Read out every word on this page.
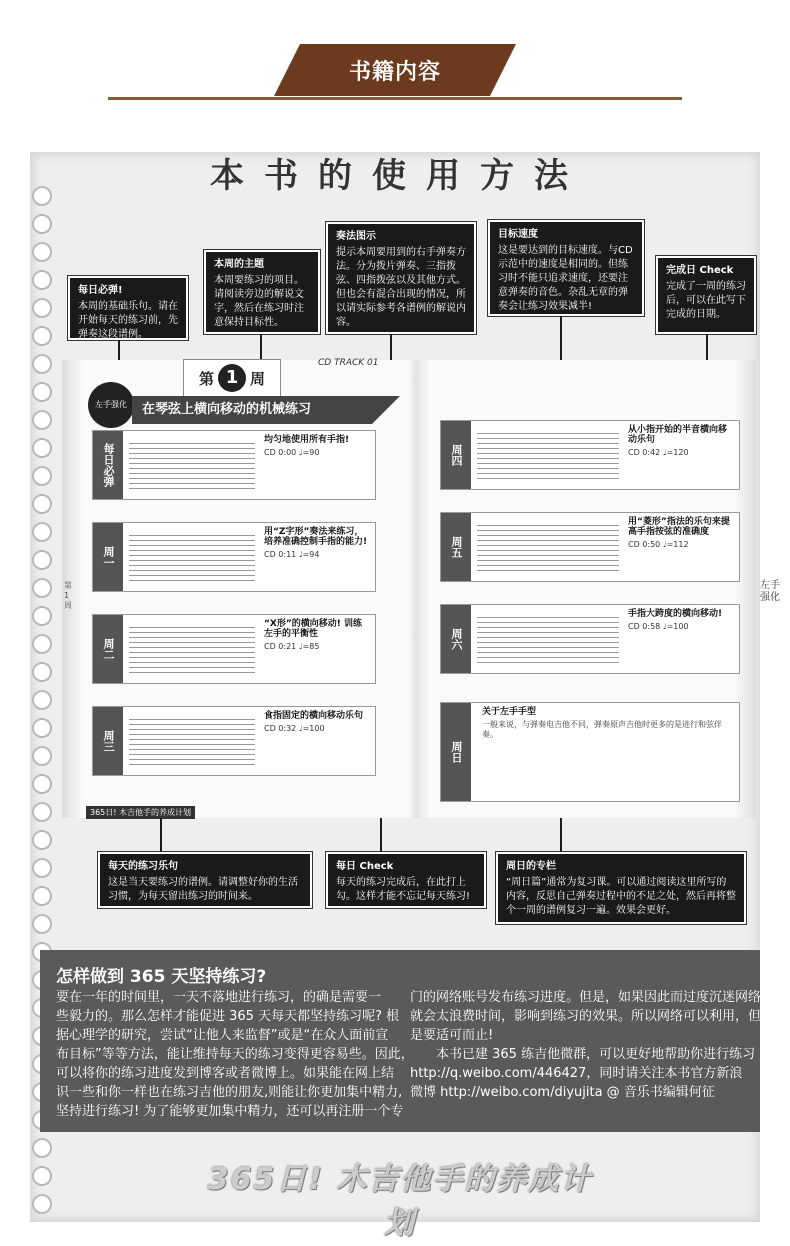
书籍内容
本书的使用方法
每日必弹!
本周的基础乐句。请在开始每天的练习前，先弹奏这段谱例。
本周的主题
本周要练习的项目。请阅读旁边的解说文字，然后在练习时注意保持目标性。
奏法图示
提示本周要用到的右手弹奏方法。分为拨片弹奏、三指拨弦、四指拨弦以及其他方式。但也会有混合出现的情况，所以请实际参考各谱例的解说内容。
目标速度
这是要达到的目标速度。与CD示范中的速度是相同的。但练习时不能只追求速度，还要注意弹奏的音色。杂乱无章的弹奏会让练习效果减半!
完成日 Check
完成了一周的练习后，可以在此写下完成的日期。
左手强化
第 1 周
CD TRACK 01
在琴弦上横向移动的机械练习
第1周
左手强化
每日必弹
均匀地使用所有手指!
CD 0:00 ♩=90
周一
用“Z字形”奏法来练习，培养准确控制手指的能力!
CD 0:11 ♩=94
周二
“X形”的横向移动! 训练左手的平衡性
CD 0:21 ♩=85
周三
食指固定的横向移动乐句
CD 0:32 ♩=100
周四
从小指开始的半音横向移动乐句
CD 0:42 ♩=120
周五
用“菱形”指法的乐句来提高手指按弦的准确度
CD 0:50 ♩=112
周六
手指大跨度的横向移动!
CD 0:58 ♩=100
周日
关于左手手型
一般来说，与弹奏电吉他不同，弹奏原声吉他时更多的是进行和弦伴奏。
365日! 木吉他手的养成计划
每天的练习乐句
这是当天要练习的谱例。请调整好你的生活习惯，为每天留出练习的时间来。
每日 Check
每天的练习完成后，在此打上勾。这样才能不忘记每天练习!
周日的专栏
“周日篇”通常为复习课。可以通过阅读这里所写的内容，反思自己弹奏过程中的不足之处，然后再将整个一周的谱例复习一遍。效果会更好。
怎样做到 365 天坚持练习?

要在一年的时间里，一天不落地进行练习，的确是需要一

些毅力的。那么怎样才能促进 365 天每天都坚持练习呢? 根

据心理学的研究，尝试“让他人来监督”或是“在众人面前宣

布目标”等等方法，能让维持每天的练习变得更容易些。因此，

可以将你的练习进度发到博客或者微博上。如果能在网上结

识一些和你一样也在练习吉他的朋友,则能让你更加集中精力,

坚持进行练习! 为了能够更加集中精力，还可以再注册一个专

门的网络账号发布练习进度。但是，如果因此而过度沉迷网络

就会太浪费时间，影响到练习的效果。所以网络可以利用，但

是要适可而止!

本书已建 365 练吉他微群，可以更好地帮助你进行练习

http://q.weibo.com/446427，同时请关注本书官方新浪

微博 http://weibo.com/diyujita @ 音乐书编辑何征

365日! 木吉他手的养成计划
